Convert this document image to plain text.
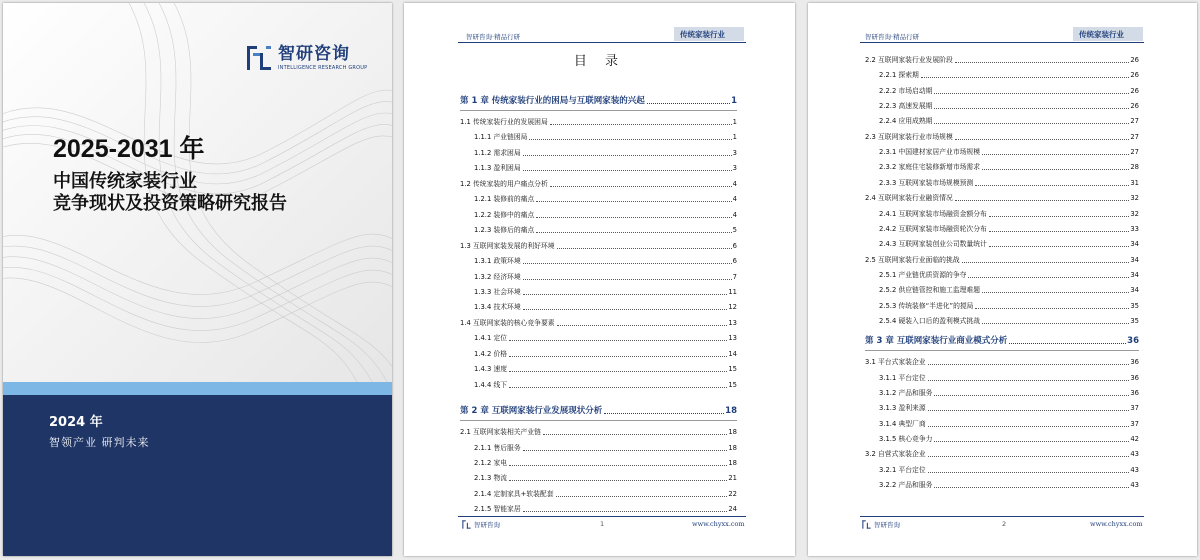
智研咨询
INTELLIGENCE RESEARCH GROUP
2025-2031 年
中国传统家装行业
竞争现状及投资策略研究报告
2024 年
智领产业 研判未来
智研咨询·精品行研	传统家装行业
目 录
第 1 章 传统家装行业的困局与互联网家装的兴起	1
1.1 传统家装行业的发展困局	1
1.1.1 产业链困局	1
1.1.2 需求困局	3
1.1.3 盈利困局	3
1.2 传统家装的用户痛点分析	4
1.2.1 装修前的痛点	4
1.2.2 装修中的痛点	4
1.2.3 装修后的痛点	5
1.3 互联网家装发展的利好环境	6
1.3.1 政策环境	6
1.3.2 经济环境	7
1.3.3 社会环境	11
1.3.4 技术环境	12
1.4 互联网家装的核心竞争要素	13
1.4.1 定位	13
1.4.2 价格	14
1.4.3 速度	15
1.4.4 线下	15
第 2 章 互联网家装行业发展现状分析	18
2.1 互联网家装相关产业链	18
2.1.1 售后服务	18
2.1.2 家电	18
2.1.3 物流	21
2.1.4 定制家具+软装配套	22
2.1.5 智能家居	24
智研咨询	1	www.chyxx.com
智研咨询·精品行研	传统家装行业
2.2 互联网家装行业发展阶段	26
2.2.1 探索期	26
2.2.2 市场启动期	26
2.2.3 高速发展期	26
2.2.4 应用成熟期	27
2.3 互联网家装行业市场规模	27
2.3.1 中国建材家居产业市场规模	27
2.3.2 家庭住宅装修新增市场需求	28
2.3.3 互联网家装市场规模预测	31
2.4 互联网家装行业融资情况	32
2.4.1 互联网家装市场融资金额分布	32
2.4.2 互联网家装市场融资轮次分布	33
2.4.3 互联网家装创业公司数量统计	34
2.5 互联网家装行业面临的挑战	34
2.5.1 产业链优质资源的争夺	34
2.5.2 供应链管控和施工监理难题	34
2.5.3 传统装修“半进化”的搅局	35
2.5.4 硬装入口后的盈利模式挑战	35
第 3 章 互联网家装行业商业模式分析	36
3.1 平台式家装企业	36
3.1.1 平台定位	36
3.1.2 产品和服务	36
3.1.3 盈利来源	37
3.1.4 典型厂商	37
3.1.5 核心竞争力	42
3.2 自营式家装企业	43
3.2.1 平台定位	43
3.2.2 产品和服务	43
智研咨询	2	www.chyxx.com
